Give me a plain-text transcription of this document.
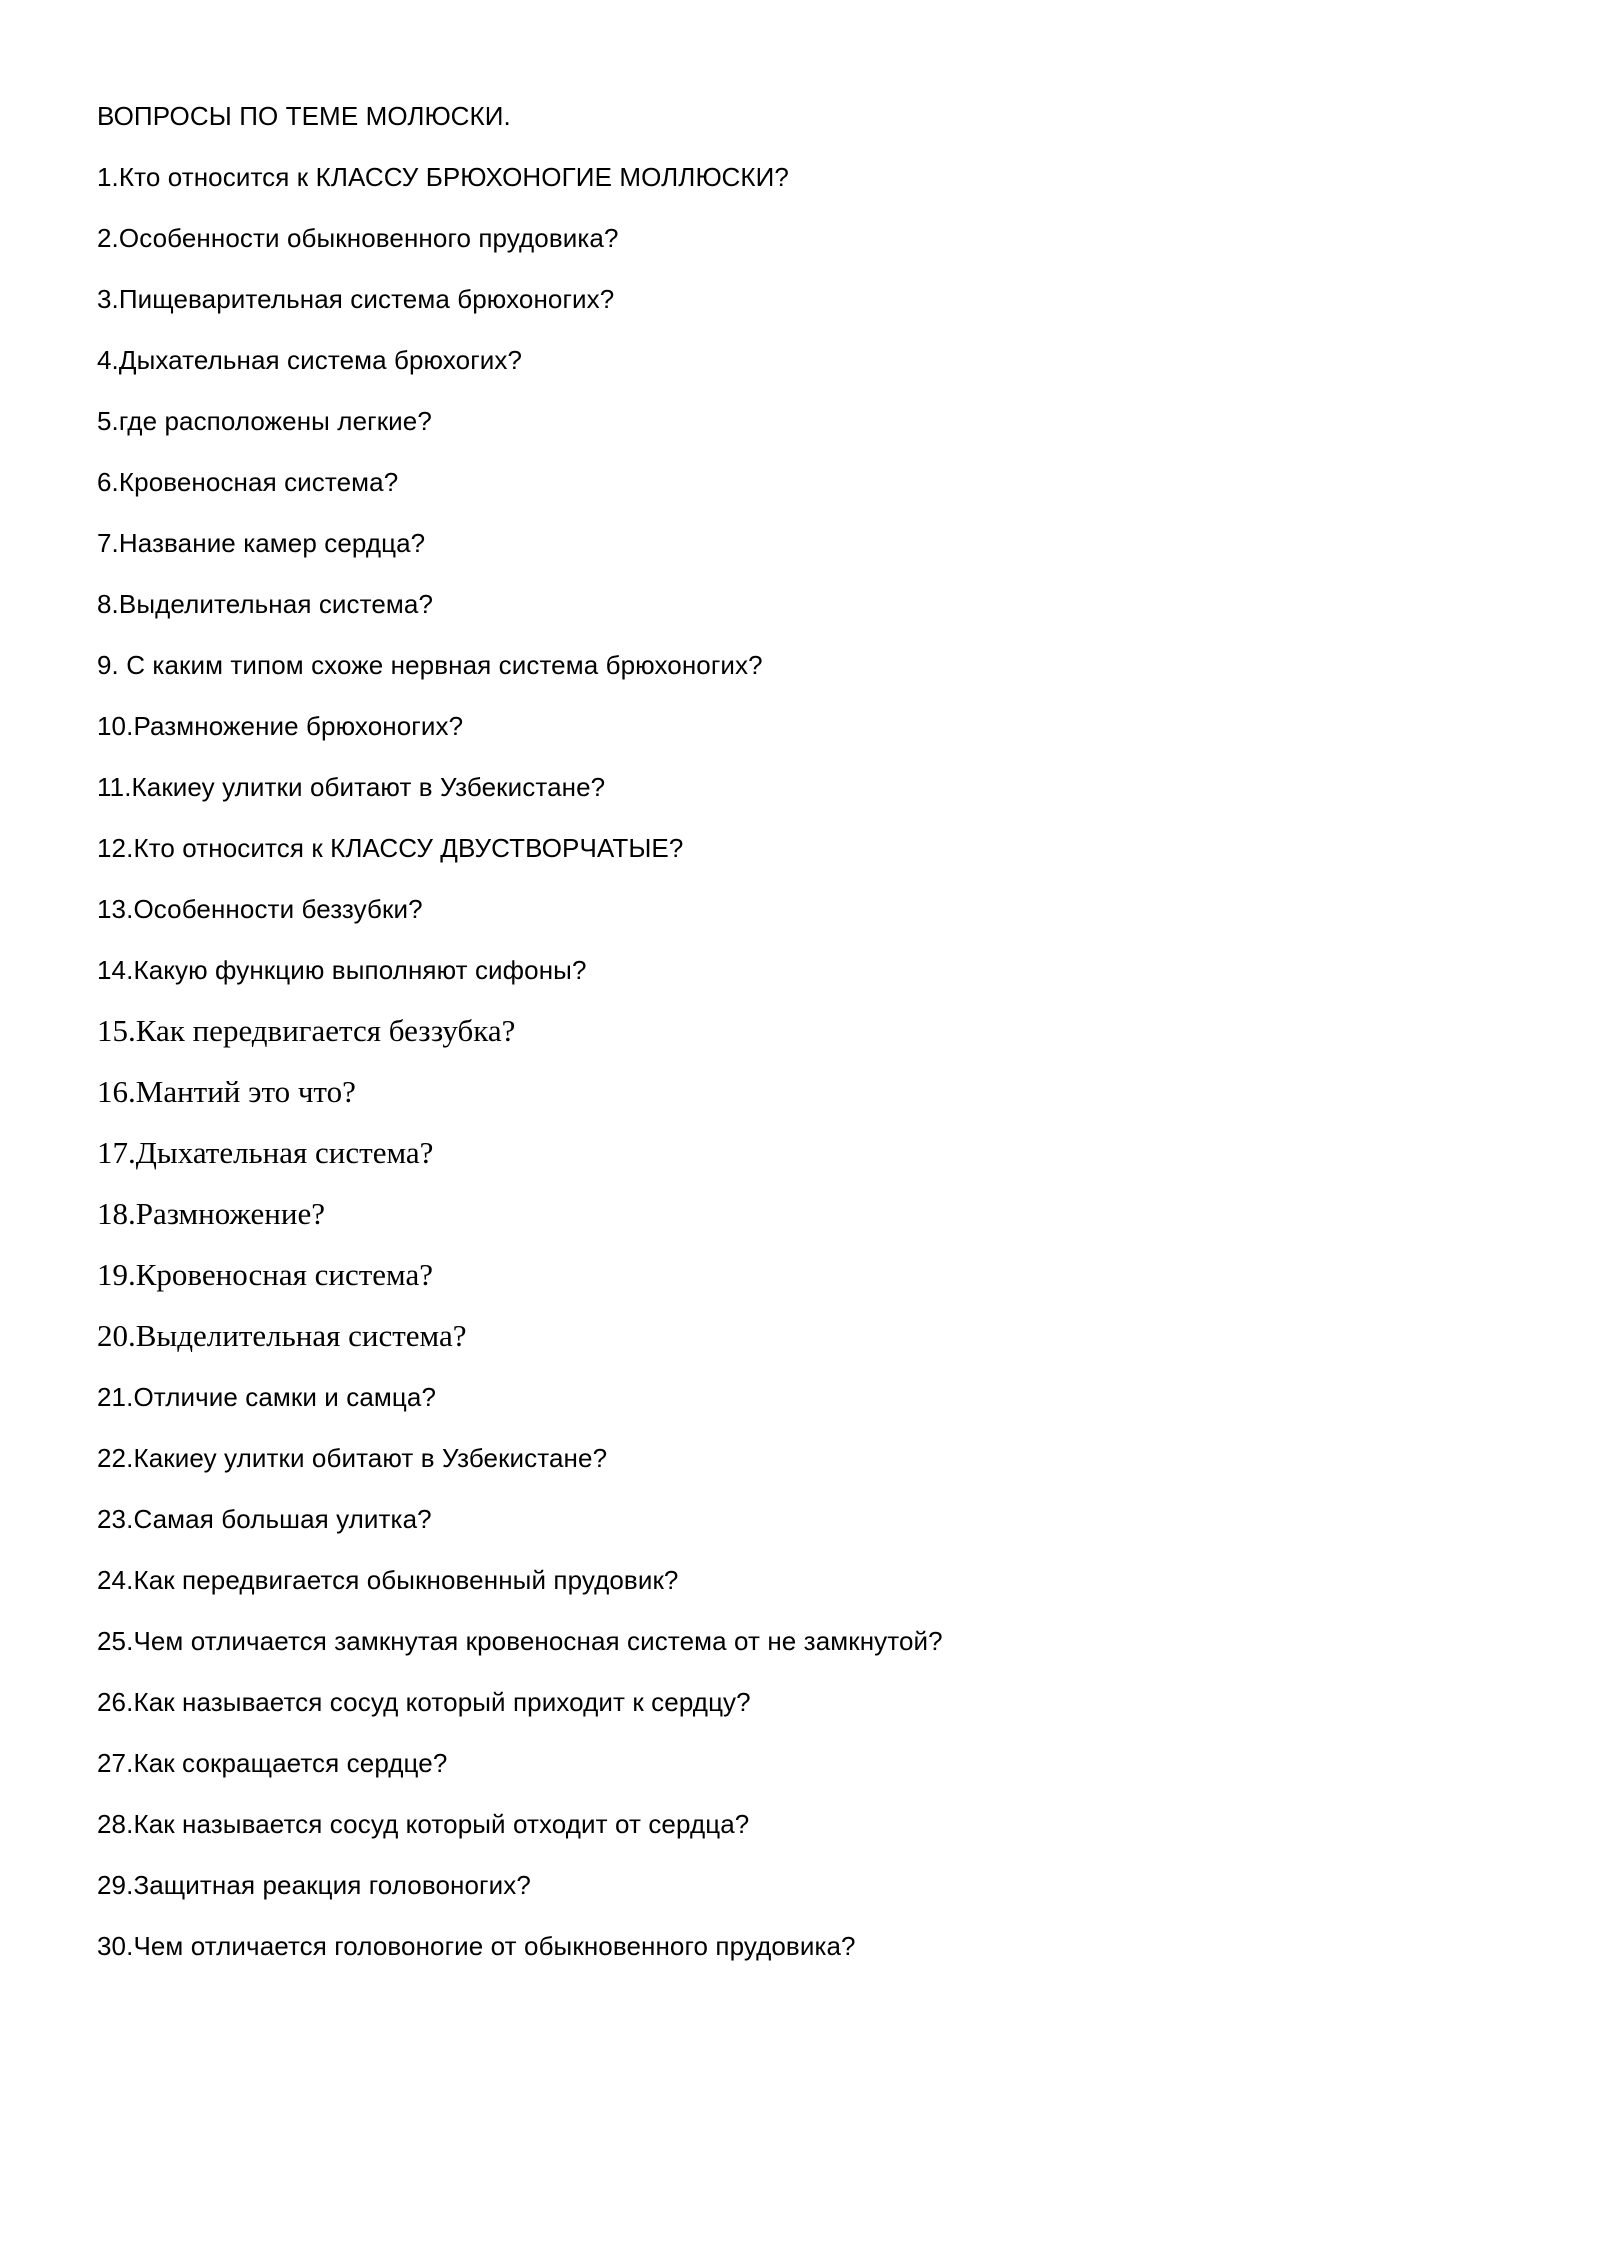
ВОПРОСЫ ПО ТЕМЕ МОЛЮСКИ.
1.Кто относится к КЛАССУ БРЮХОНОГИЕ МОЛЛЮСКИ?
2.Особенности обыкновенного прудовика?
3.Пищеварительная система брюхоногих?
4.Дыхательная система брюхогих?
5.где расположены легкие?
6.Кровеносная система?
7.Название камер сердца?
8.Выделительная система?
9. С каким типом схоже нервная система брюхоногих?
10.Размножение брюхоногих?
11.Какиеу улитки обитают в Узбекистане?
12.Кто относится к КЛАССУ ДВУСТВОРЧАТЫЕ?
13.Особенности беззубки?
14.Какую функцию выполняют сифоны?
15.Как передвигается беззубка?
16.Мантий это что?
17.Дыхательная система?
18.Размножение?
19.Кровеносная система?
20.Выделительная система?
21.Отличие самки и самца?
22.Какиеу улитки обитают в Узбекистане?
23.Самая большая улитка?
24.Как передвигается обыкновенный прудовик?
25.Чем отличается замкнутая кровеносная система от не замкнутой?
26.Как называется сосуд который приходит к сердцу?
27.Как сокращается сердце?
28.Как называется сосуд который отходит от сердца?
29.Защитная реакция головоногих?
30.Чем отличается головоногие от обыкновенного прудовика?
